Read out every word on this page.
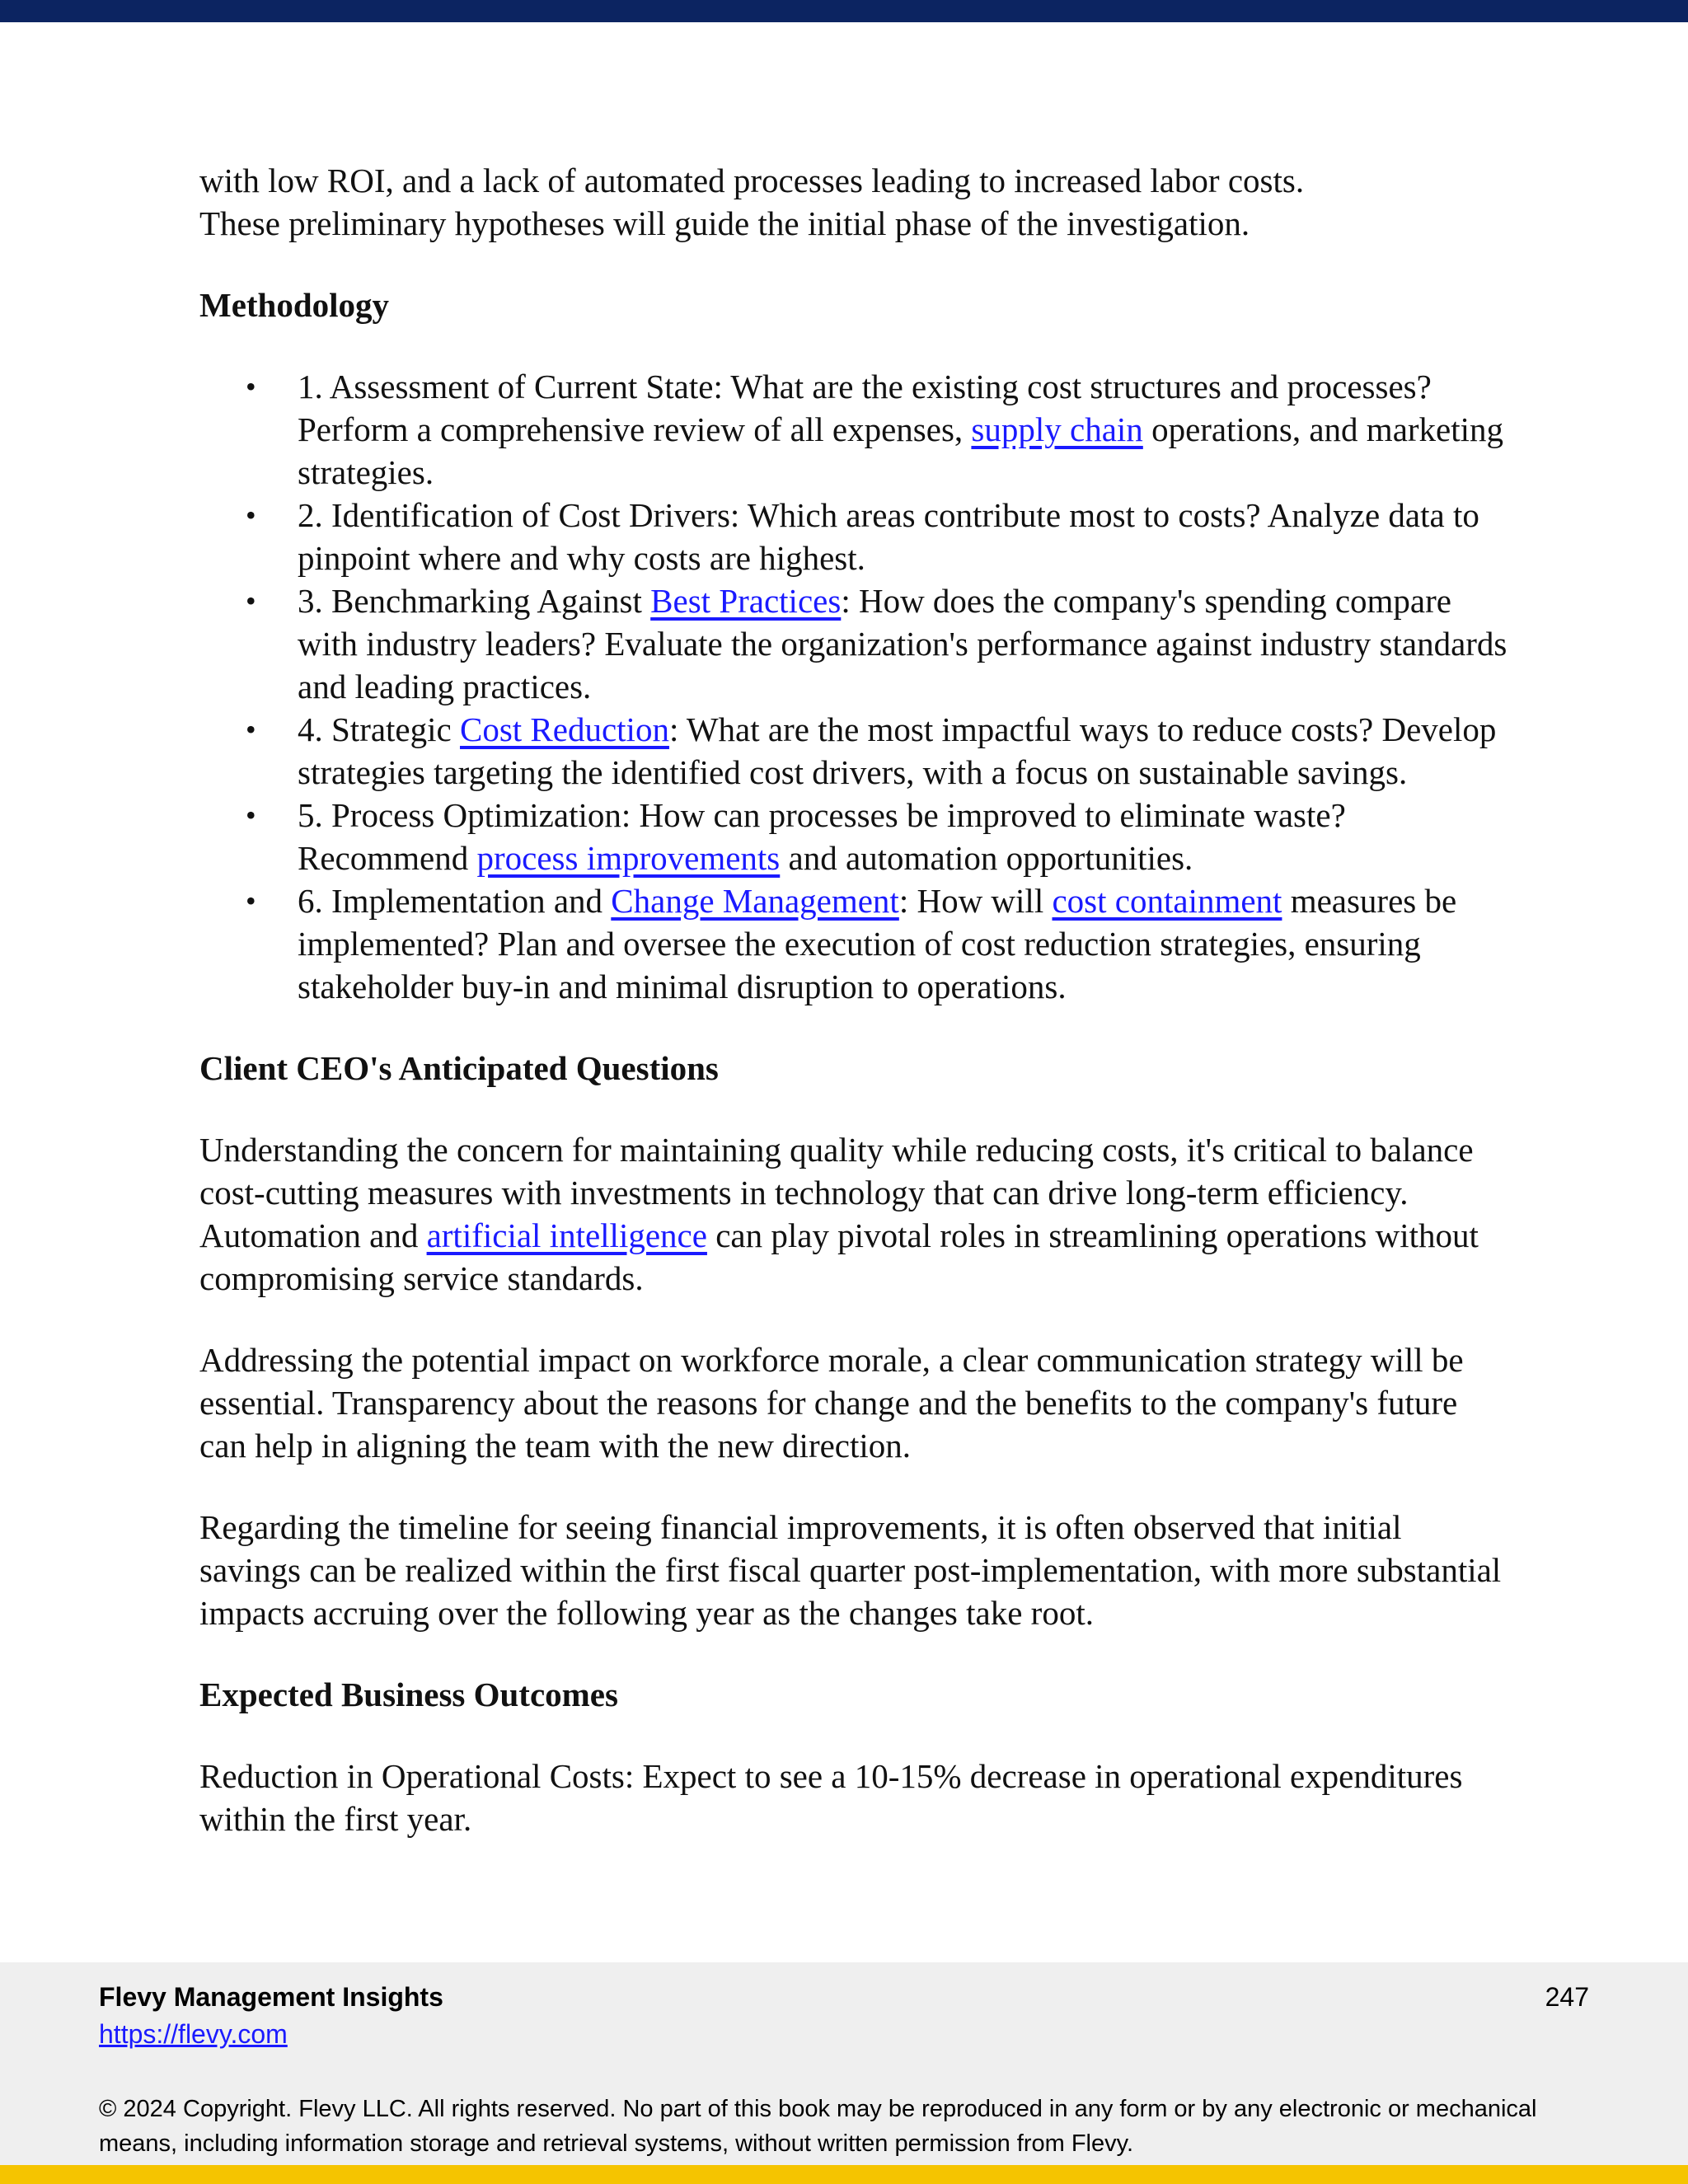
with low ROI, and a lack of automated processes leading to increased labor costs.
These preliminary hypotheses will guide the initial phase of the investigation.

Methodology

• 1. Assessment of Current State: What are the existing cost structures and processes? Perform a comprehensive review of all expenses, supply chain operations, and marketing strategies.
• 2. Identification of Cost Drivers: Which areas contribute most to costs? Analyze data to pinpoint where and why costs are highest.
• 3. Benchmarking Against Best Practices: How does the company's spending compare with industry leaders? Evaluate the organization's performance against industry standards and leading practices.
• 4. Strategic Cost Reduction: What are the most impactful ways to reduce costs? Develop strategies targeting the identified cost drivers, with a focus on sustainable savings.
• 5. Process Optimization: How can processes be improved to eliminate waste? Recommend process improvements and automation opportunities.
• 6. Implementation and Change Management: How will cost containment measures be implemented? Plan and oversee the execution of cost reduction strategies, ensuring stakeholder buy-in and minimal disruption to operations.

Client CEO's Anticipated Questions

Understanding the concern for maintaining quality while reducing costs, it's critical to balance cost-cutting measures with investments in technology that can drive long-term efficiency. Automation and artificial intelligence can play pivotal roles in streamlining operations without compromising service standards.

Addressing the potential impact on workforce morale, a clear communication strategy will be essential. Transparency about the reasons for change and the benefits to the company's future can help in aligning the team with the new direction.

Regarding the timeline for seeing financial improvements, it is often observed that initial savings can be realized within the first fiscal quarter post-implementation, with more substantial impacts accruing over the following year as the changes take root.

Expected Business Outcomes

Reduction in Operational Costs: Expect to see a 10-15% decrease in operational expenditures within the first year.

Flevy Management Insights
https://flevy.com
247
© 2024 Copyright. Flevy LLC. All rights reserved. No part of this book may be reproduced in any form or by any electronic or mechanical means, including information storage and retrieval systems, without written permission from Flevy.
